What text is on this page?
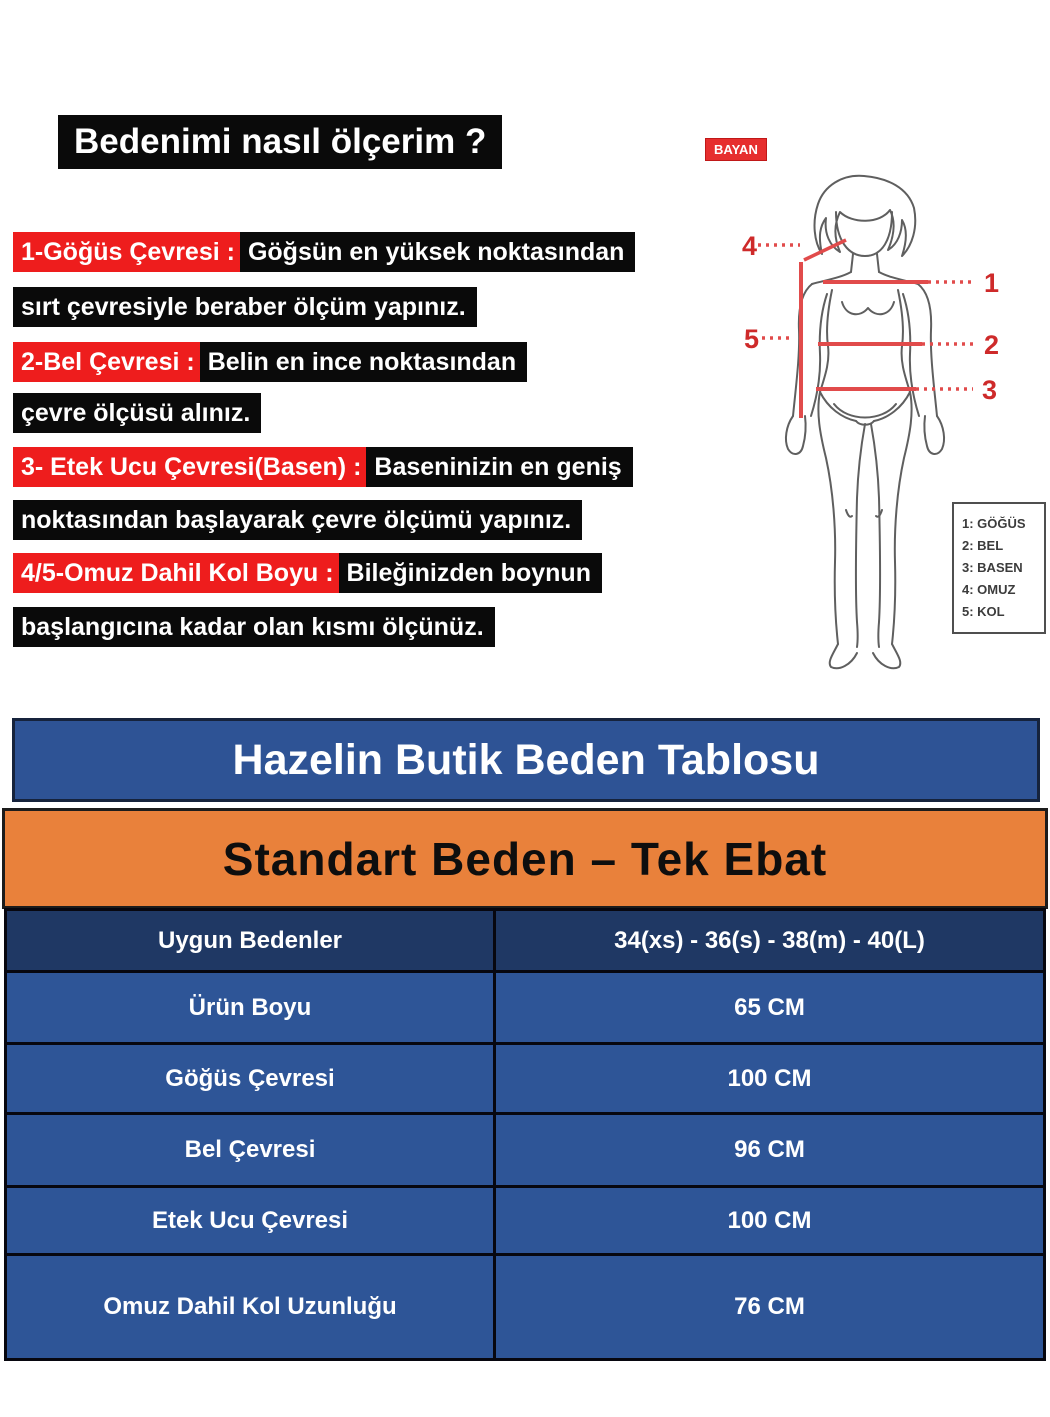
Bedenimi nasıl ölçerim ?
1-Göğüs Çevresi : Göğsün en yüksek noktasından
sırt çevresiyle beraber ölçüm yapınız.
2-Bel Çevresi : Belin en ince noktasından
çevre ölçüsü alınız.
3- Etek Ucu Çevresi(Basen) : Baseninizin en geniş
noktasından başlayarak çevre ölçümü yapınız.
4/5-Omuz Dahil Kol Boyu : Bileğinizden boynun
başlangıcına kadar olan kısmı ölçünüz.
BAYAN
1
2
3
4
5
1: GÖĞÜS
2: BEL
3: BASEN
4: OMUZ
5: KOL
Hazelin Butik Beden Tablosu
Standart Beden – Tek Ebat
Uygun Bedenler	34(xs) - 36(s) - 38(m) - 40(L)
Ürün Boyu	65 CM
Göğüs Çevresi	100 CM
Bel Çevresi	96 CM
Etek Ucu Çevresi	100 CM
Omuz Dahil Kol Uzunluğu	76 CM
